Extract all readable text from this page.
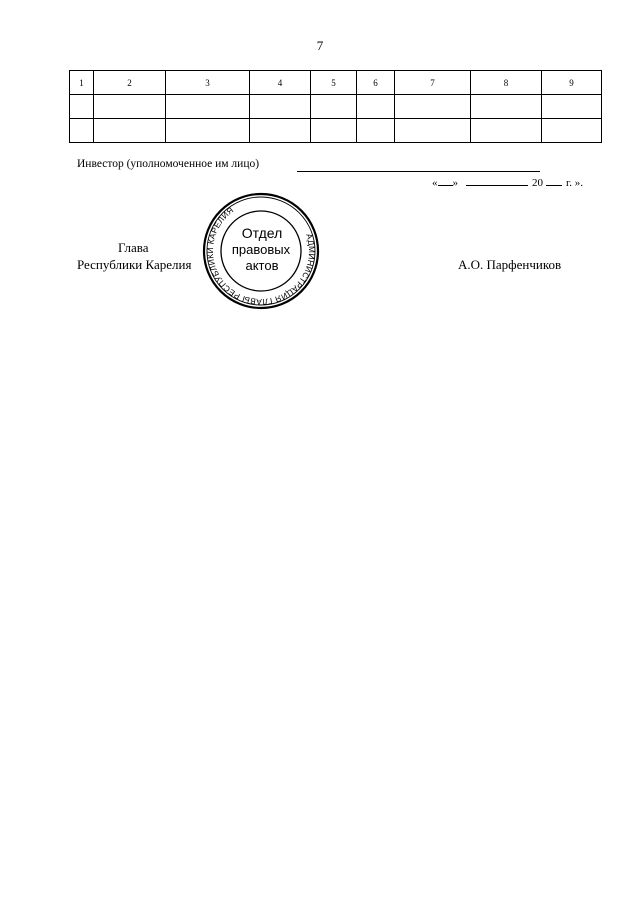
7
1	2	3	4	5	6	7	8	9

Инвестор (уполномоченное им лицо)
« »	20 г. ».
Глава
Республики Карелия	А.О. Парфенчиков
АДМИНИСТРАЦИЯ ГЛАВЫ РЕСПУБЛИКИ КАРЕЛИЯ
Отдел
правовых
актов
